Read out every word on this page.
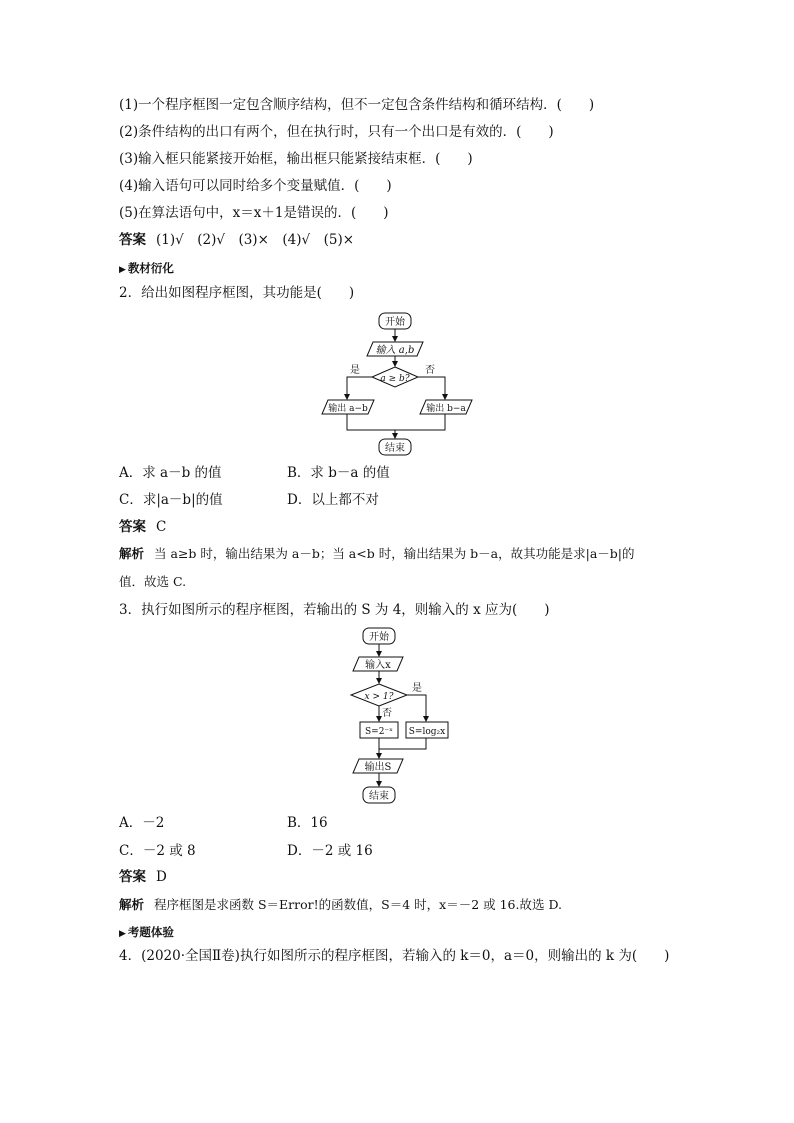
(1)一个程序框图一定包含顺序结构，但不一定包含条件结构和循环结构．(　　)
(2)条件结构的出口有两个，但在执行时，只有一个出口是有效的．(　　)
(3)输入框只能紧接开始框，输出框只能紧接结束框．(　　)
(4)输入语句可以同时给多个变量赋值．(　　)
(5)在算法语句中，x＝x＋1是错误的．(　　)
答案 (1)√　(2)√　(3)×　(4)√　(5)×
▶ 教材衍化
2．给出如图程序框图，其功能是(　　)
开始
输入 a,b
a ≥ b?
是	否
输出 a−b	输出 b−a
结束
A．求 a－b 的值	B．求 b－a 的值
C．求|a－b|的值	D．以上都不对
答案 C
解析 当 a≥b 时，输出结果为 a－b；当 a<b 时，输出结果为 b－a，故其功能是求|a－b|的
值．故选 C.
3．执行如图所示的程序框图，若输出的 S 为 4，则输入的 x 应为(　　)
开始
输入x
x > 1?
是
否
S=2⁻ˣ S=log₂x
输出S
结束
A．－2	B．16
C．－2 或 8	D．－2 或 16
答案 D
解析 程序框图是求函数 S＝Error!的函数值，S＝4 时，x＝－2 或 16.故选 D.
▶ 考题体验
4．(2020·全国Ⅱ卷)执行如图所示的程序框图，若输入的 k＝0，a＝0，则输出的 k 为(　　)
